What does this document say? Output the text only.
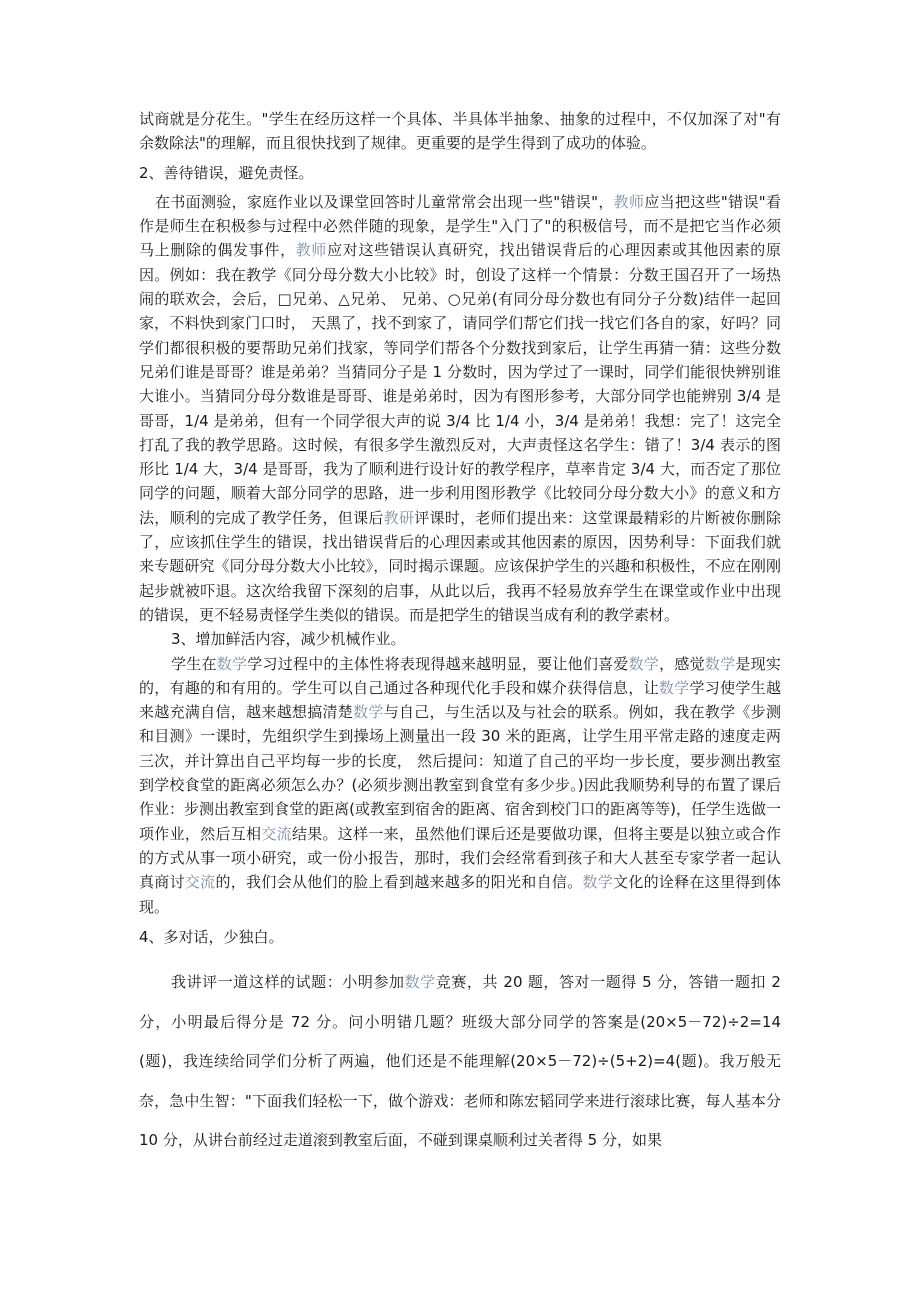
试商就是分花生。"学生在经历这样一个具体、半具体半抽象、抽象的过程中，不仅加深了对"有余数除法"的理解，而且很快找到了规律。更重要的是学生得到了成功的体验。

2、善待错误，避免责怪。

在书面测验，家庭作业以及课堂回答时儿童常常会出现一些"错误"，教师应当把这些"错误"看作是师生在积极参与过程中必然伴随的现象，是学生"入门了"的积极信号，而不是把它当作必须马上删除的偶发事件，教师应对这些错误认真研究，找出错误背后的心理因素或其他因素的原因。例如：我在教学《同分母分数大小比较》时，创设了这样一个情景：分数王国召开了一场热闹的联欢会，会后，□兄弟、△兄弟、 兄弟、○兄弟(有同分母分数也有同分子分数)结伴一起回家，不料快到家门口时， 天黑了，找不到家了，请同学们帮它们找一找它们各自的家，好吗？同学们都很积极的要帮助兄弟们找家，等同学们帮各个分数找到家后，让学生再猜一猜：这些分数兄弟们谁是哥哥？谁是弟弟？当猜同分子是 1 分数时，因为学过了一课时，同学们能很快辨别谁大谁小。当猜同分母分数谁是哥哥、谁是弟弟时，因为有图形参考，大部分同学也能辨别 3/4 是哥哥，1/4 是弟弟，但有一个同学很大声的说 3/4 比 1/4 小，3/4 是弟弟！我想：完了！这完全打乱了我的教学思路。这时候，有很多学生激烈反对，大声责怪这名学生：错了！3/4 表示的图形比 1/4 大，3/4 是哥哥，我为了顺利进行设计好的教学程序，草率肯定 3/4 大，而否定了那位同学的问题，顺着大部分同学的思路，进一步利用图形教学《比较同分母分数大小》的意义和方法，顺利的完成了教学任务，但课后教研评课时，老师们提出来：这堂课最精彩的片断被你删除了，应该抓住学生的错误，找出错误背后的心理因素或其他因素的原因，因势利导：下面我们就来专题研究《同分母分数大小比较》，同时揭示课题。应该保护学生的兴趣和积极性，不应在刚刚起步就被吓退。这次给我留下深刻的启事，从此以后，我再不轻易放弃学生在课堂或作业中出现的错误，更不轻易责怪学生类似的错误。而是把学生的错误当成有利的教学素材。

3、增加鲜活内容，减少机械作业。

学生在数学学习过程中的主体性将表现得越来越明显，要让他们喜爱数学，感觉数学是现实的，有趣的和有用的。学生可以自己通过各种现代化手段和媒介获得信息，让数学学习使学生越来越充满自信，越来越想搞清楚数学与自己，与生活以及与社会的联系。例如，我在教学《步测和目测》一课时，先组织学生到操场上测量出一段 30 米的距离，让学生用平常走路的速度走两三次，并计算出自己平均每一步的长度， 然后提问：知道了自己的平均一步长度，要步测出教室到学校食堂的距离必须怎么办？(必须步测出教室到食堂有多少步。)因此我顺势利导的布置了课后作业：步测出教室到食堂的距离(或教室到宿舍的距离、宿舍到校门口的距离等等)，任学生选做一项作业，然后互相交流结果。这样一来，虽然他们课后还是要做功课，但将主要是以独立或合作的方式从事一项小研究，或一份小报告，那时，我们会经常看到孩子和大人甚至专家学者一起认真商讨交流的，我们会从他们的脸上看到越来越多的阳光和自信。数学文化的诠释在这里得到体现。

4、多对话，少独白。

我讲评一道这样的试题：小明参加数学竞赛，共 20 题，答对一题得 5 分，答错一题扣 2 分，小明最后得分是 72 分。问小明错几题？班级大部分同学的答案是(20×5－72)÷2=14(题)，我连续给同学们分析了两遍，他们还是不能理解(20×5－72)÷(5+2)=4(题)。我万般无奈，急中生智："下面我们轻松一下，做个游戏：老师和陈宏韬同学来进行滚球比赛，每人基本分 10 分，从讲台前经过走道滚到教室后面，不碰到课桌顺利过关者得 5 分，如果
